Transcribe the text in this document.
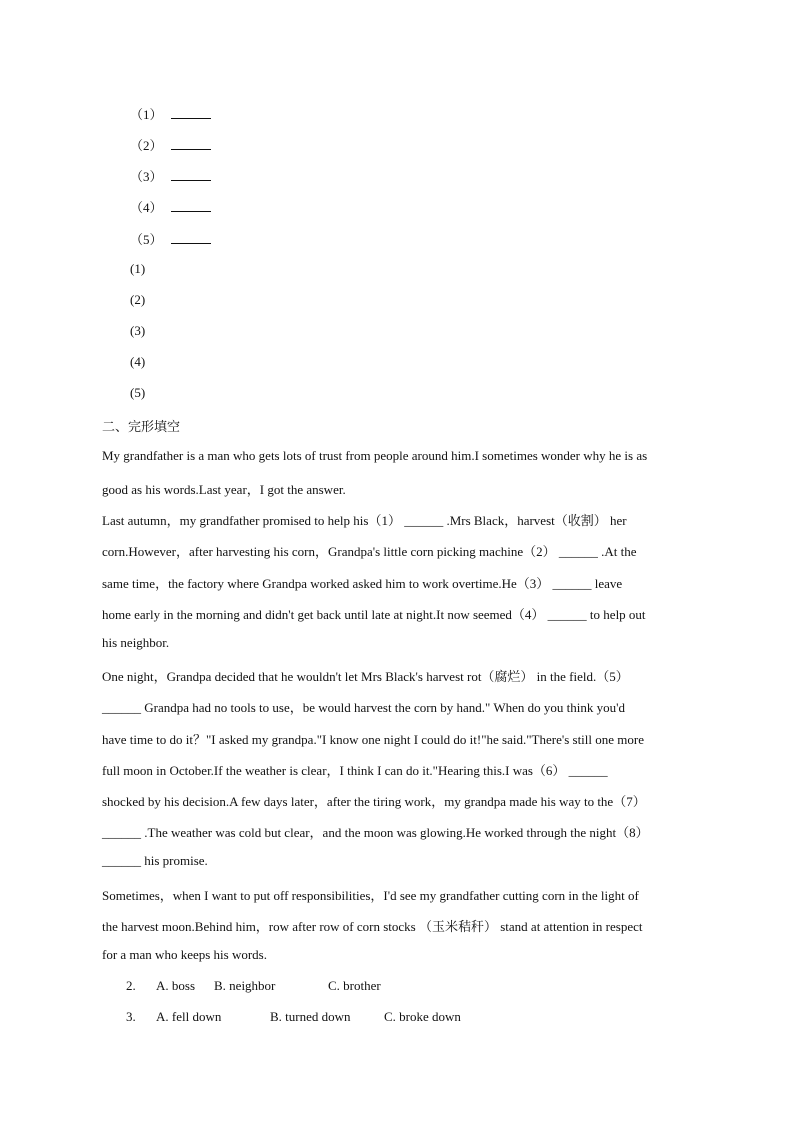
（1）
（2）
（3）
（4）
（5）
(1)
(2)
(3)
(4)
(5)
二、完形填空
My grandfather is a man who gets lots of trust from people around him.I sometimes wonder why he is as
good as his words.Last year，I got the answer.
Last autumn，my grandfather promised to help his（1） ______ .Mrs Black，harvest（收割） her
corn.However，after harvesting his corn，Grandpa's little corn picking machine（2） ______ .At the
same time，the factory where Grandpa worked asked him to work overtime.He（3） ______ leave
home early in the morning and didn't get back until late at night.It now seemed（4） ______ to help out
his neighbor.
One night，Grandpa decided that he wouldn't let Mrs Black's harvest rot（腐烂） in the field.（5）
______ Grandpa had no tools to use，be would harvest the corn by hand." When do you think you'd
have time to do it？"I asked my grandpa."I know one night I could do it!"he said."There's still one more
full moon in October.If the weather is clear，I think I can do it."Hearing this.I was（6） ______
shocked by his decision.A few days later，after the tiring work，my grandpa made his way to the（7）
______ .The weather was cold but clear，and the moon was glowing.He worked through the night（8）
______ his promise.
Sometimes，when I want to put off responsibilities，I'd see my grandfather cutting corn in the light of
the harvest moon.Behind him，row after row of corn stocks （玉米秸秆） stand at attention in respect
for a man who keeps his words.
2. A. boss B. neighbor	C. brother
3. A. fell down	B. turned down	C. broke down
